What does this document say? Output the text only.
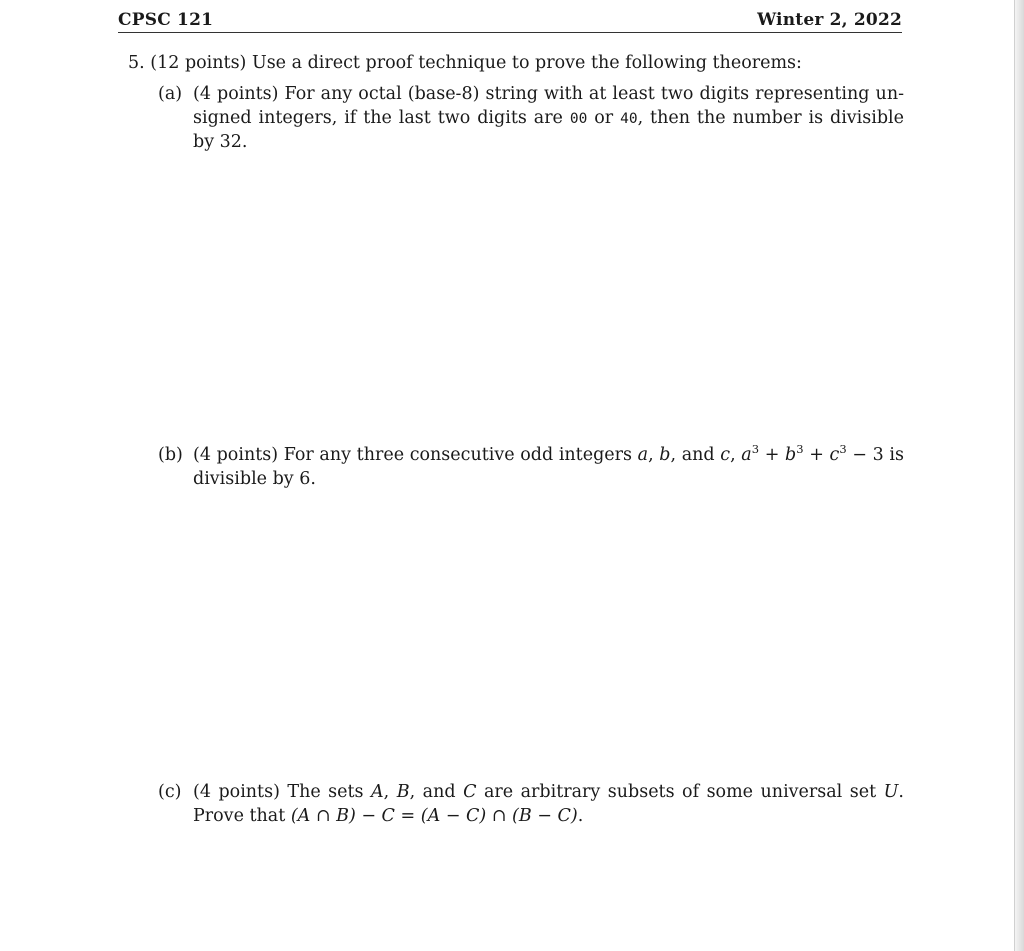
CPSC 121	Winter 2, 2022
5. (12 points) Use a direct proof technique to prove the following theorems:
(a) (4 points) For any octal (base-8) string with at least two digits representing un-signed integers, if the last two digits are 00 or 40, then the number is divisible by 32.
(b) (4 points) For any three consecutive odd integers a, b, and c, $a^3 + b^3 + c^3 - 3$ is divisible by 6.
(c) (4 points) The sets A, B, and C are arbitrary subsets of some universal set U. Prove that (A ∩ B) − C = (A − C) ∩ (B − C).
